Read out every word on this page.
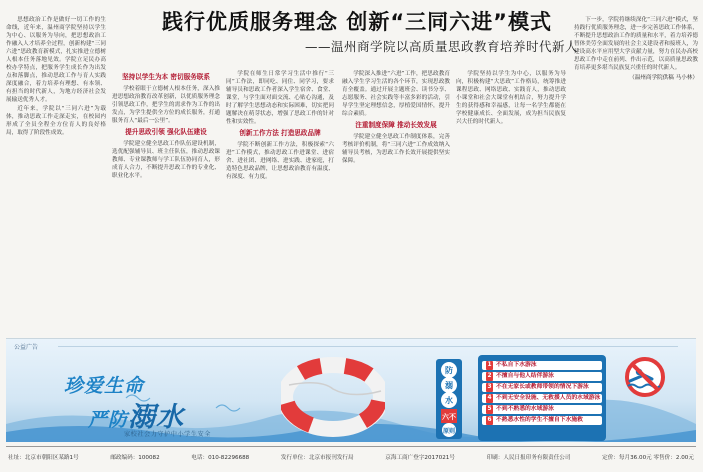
践行优质服务理念 创新“三同六进”模式
——温州商学院以高质量思政教育培养时代新人

思想政治工作是做好一切工作的生命线，近年来，温州商学院坚持以学生为中心、以服务为导向，把思想政治工作融入人才培养全过程，创新构建“三同六进”思政教育新模式，扎实推进立德树人根本任务落地见效。学院立足民办高校办学特点，把服务学生成长作为出发点和落脚点，推动思政工作与育人实践深度融合，着力培养有理想、有本领、有担当的时代新人，为地方经济社会发展输送优秀人才。

近年来，学院以“三同六进”为载体，推动思政工作走深走实，在校园内形成了全员全程全方位育人的良好格局，取得了阶段性成效。

坚持以学生为本 密切服务联系

学校着眼于立德树人根本任务，深入推进思想政治教育改革创新，以优质服务理念引领思政工作，把学生的需求作为工作的出发点，为学生提供全方位的成长服务，打通服务育人“最后一公里”。

提升思政引领 强化队伍建设

学院建立健全思政工作队伍建设机制，选优配强辅导员、班主任队伍，推动思政课教师、专业课教师与学工队伍协同育人，形成育人合力，不断提升思政工作的专业化、职业化水平。

学院在师生日常学习生活中推行“三同”工作法，即同吃、同住、同学习，要求辅导员和思政工作者深入学生宿舍、食堂、课堂，与学生面对面交流、心贴心沟通，及时了解学生思想动态和实际困难，切实把问题解决在萌芽状态，增强了思政工作的针对性和实效性。

创新工作方法 打造思政品牌

学院不断创新工作方法，积极探索“六进”工作模式，推动思政工作进课堂、进宿舍、进社团、进网络、进实践、进家庭，打造特色思政品牌，让思想政治教育有温度、有深度、有力度。

学院深入推进“六进”工作，把思政教育融入学生学习生活的各个环节，实现思政教育全覆盖。通过开展主题班会、读书分享、志愿服务、社会实践等丰富多彩的活动，引导学生坚定理想信念，厚植爱国情怀，提升综合素质。

注重制度保障 推动长效发展

学院建立健全思政工作制度体系，完善考核评价机制，将“三同六进”工作成效纳入辅导员考核，为思政工作长效开展提供坚实保障。

学院坚持以学生为中心，以服务为导向，积极构建“大思政”工作格局，统筹推进课程思政、网络思政、实践育人，推动思政小课堂和社会大课堂有机结合，努力提升学生的获得感和幸福感，让每一名学生都能在学校健康成长、全面发展，成为担当民族复兴大任的时代新人。

下一步，学院将继续深化“三同六进”模式，坚持践行优质服务理念，进一步完善思政工作体系，不断提升思想政治工作的质量和水平，着力培养德智体美劳全面发展的社会主义建设者和接班人，为建设高水平应用型大学贡献力量，努力在民办高校思政工作中走在前列、作出示范，以高质量思政教育培养更多堪当民族复兴重任的时代新人。

（温州商学院供稿 马小林）
公益广告
珍爱生命
严防溺水
家校社会力守护中小学生安全
防
溺
水
六不
原则
1 不私自下水游泳
2 不擅自与他人结伴游泳
3 不在无家长或教师带领的情况下游泳
4 不到无安全设施、无救援人员的水域游泳
5 不到不熟悉的水域游泳
6 不熟悉水性的学生不擅自下水施救
社址：北京市朝阳区某路1号	邮政编码：100082	电话：010-82296688	发行单位：北京市报刊发行局	京海工商广登字2017021号	印刷：人民日报印务有限责任公司	定价：每月36.00元 零售价：2.00元
